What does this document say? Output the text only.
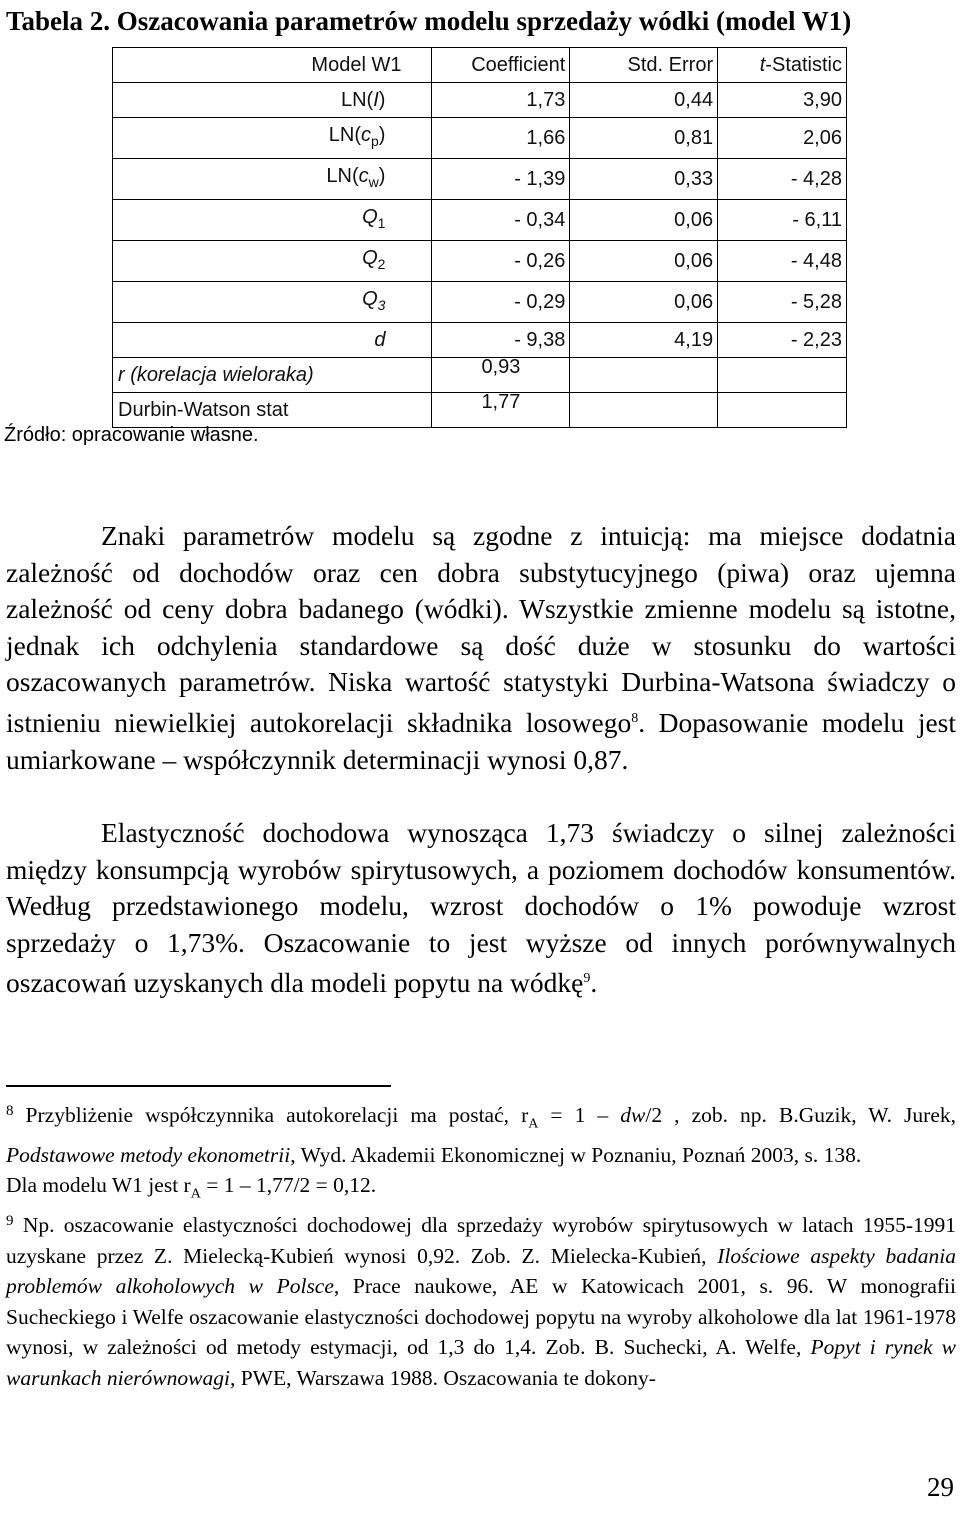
Tabela 2. Oszacowania parametrów modelu sprzedaży wódki (model W1)
Model W1	Coefficient	Std. Error	t-Statistic
LN(I)	1,73	0,44	3,90
$LN(c_p)$	1,66	0,81	2,06
$LN(c_w)$	- 1,39	0,33	- 4,28
$Q_1$	- 0,34	0,06	- 6,11
$Q_2$	- 0,26	0,06	- 4,48
$Q_3$	- 0,29	0,06	- 5,28
d	- 9,38	4,19	- 2,23
r (korelacja wieloraka)	0,93		
Durbin-Watson stat	1,77		
Źródło: opracowanie własne.
Znaki parametrów modelu są zgodne z intuicją: ma miejsce dodatnia zależność od dochodów oraz cen dobra substytucyjnego (piwa) oraz ujemna zależność od ceny dobra badanego (wódki). Wszystkie zmienne modelu są istotne, jednak ich odchylenia standardowe są dość duże w stosunku do wartości oszacowanych parametrów. Niska wartość statystyki Durbina-Watsona świadczy o istnieniu niewielkiej autokorelacji składnika losowego$^8$. Dopasowanie modelu jest umiarkowane – współczynnik determinacji wynosi 0,87.
Elastyczność dochodowa wynosząca 1,73 świadczy o silnej zależności między konsumpcją wyrobów spirytusowych, a poziomem dochodów konsumentów. Według przedstawionego modelu, wzrost dochodów o 1% powoduje wzrost sprzedaży o 1,73%. Oszacowanie to jest wyższe od innych porównywalnych oszacowań uzyskanych dla modeli popytu na wódkę$^9$.

$^8$ Przybliżenie współczynnika autokorelacji ma postać, $r_A = 1 - dw/2$ , zob. np. B.Guzik, W. Jurek, Podstawowe metody ekonometrii, Wyd. Akademii Ekonomicznej w Poznaniu, Poznań 2003, s. 138.

Dla modelu W1 jest $r_A = 1 - 1,77/2 = 0,12$.

$^9$ Np. oszacowanie elastyczności dochodowej dla sprzedaży wyrobów spirytusowych w latach 1955-1991 uzyskane przez Z. Mielecką-Kubień wynosi 0,92. Zob. Z. Mielecka-Kubień, Ilościowe aspekty badania problemów alkoholowych w Polsce, Prace naukowe, AE w Katowicach 2001, s. 96. W monografii Sucheckiego i Welfe oszacowanie elastyczności dochodowej popytu na wyroby alkoholowe dla lat 1961-1978 wynosi, w zależności od metody estymacji, od 1,3 do 1,4. Zob. B. Suchecki, A. Welfe, Popyt i rynek w warunkach nierównowagi, PWE, Warszawa 1988. Oszacowania te dokony-

29
